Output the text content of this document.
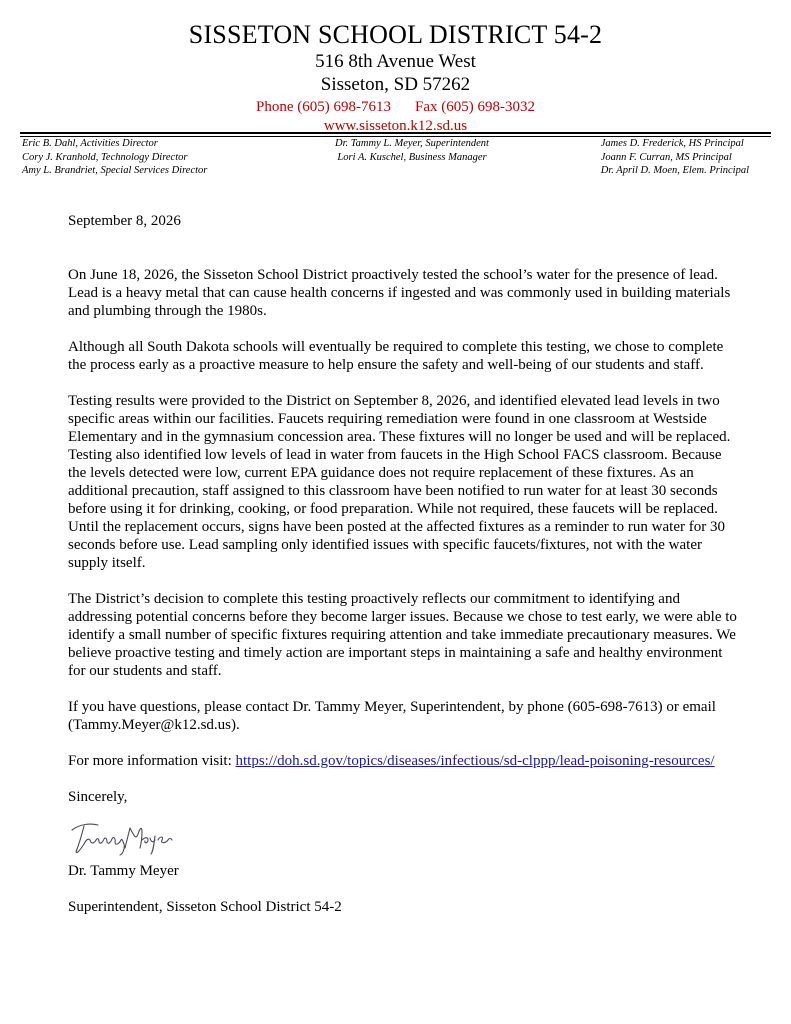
SISSETON SCHOOL DISTRICT 54-2
516 8th Avenue West
Sisseton, SD 57262
Phone (605) 698-7613 Fax (605) 698-3032
www.sisseton.k12.sd.us
Eric B. Dahl, Activities Director
Cory J. Kranhold, Technology Director
Amy L. Brandriet, Special Services Director
Dr. Tammy L. Meyer, Superintendent
Lori A. Kuschel, Business Manager
James D. Frederick, HS Principal
Joann F. Curran, MS Principal
Dr. April D. Moen, Elem. Principal

September 8, 2026

On June 18, 2026, the Sisseton School District proactively tested the school’s water for the presence of lead. Lead is a heavy metal that can cause health concerns if ingested and was commonly used in building materials and plumbing through the 1980s.

Although all South Dakota schools will eventually be required to complete this testing, we chose to complete the process early as a proactive measure to help ensure the safety and well-being of our students and staff.

Testing results were provided to the District on September 8, 2026, and identified elevated lead levels in two specific areas within our facilities. Faucets requiring remediation were found in one classroom at Westside Elementary and in the gymnasium concession area. These fixtures will no longer be used and will be replaced. Testing also identified low levels of lead in water from faucets in the High School FACS classroom. Because the levels detected were low, current EPA guidance does not require replacement of these fixtures. As an additional precaution, staff assigned to this classroom have been notified to run water for at least 30 seconds before using it for drinking, cooking, or food preparation. While not required, these faucets will be replaced. Until the replacement occurs, signs have been posted at the affected fixtures as a reminder to run water for 30 seconds before use. Lead sampling only identified issues with specific faucets/fixtures, not with the water supply itself.

The District’s decision to complete this testing proactively reflects our commitment to identifying and addressing potential concerns before they become larger issues. Because we chose to test early, we were able to identify a small number of specific fixtures requiring attention and take immediate precautionary measures. We believe proactive testing and timely action are important steps in maintaining a safe and healthy environment for our students and staff.

If you have questions, please contact Dr. Tammy Meyer, Superintendent, by phone (605-698-7613) or email (Tammy.Meyer@k12.sd.us).

For more information visit: https://doh.sd.gov/topics/diseases/infectious/sd-clppp/lead-poisoning-resources/

Sincerely,

Dr. Tammy Meyer

Superintendent, Sisseton School District 54-2
